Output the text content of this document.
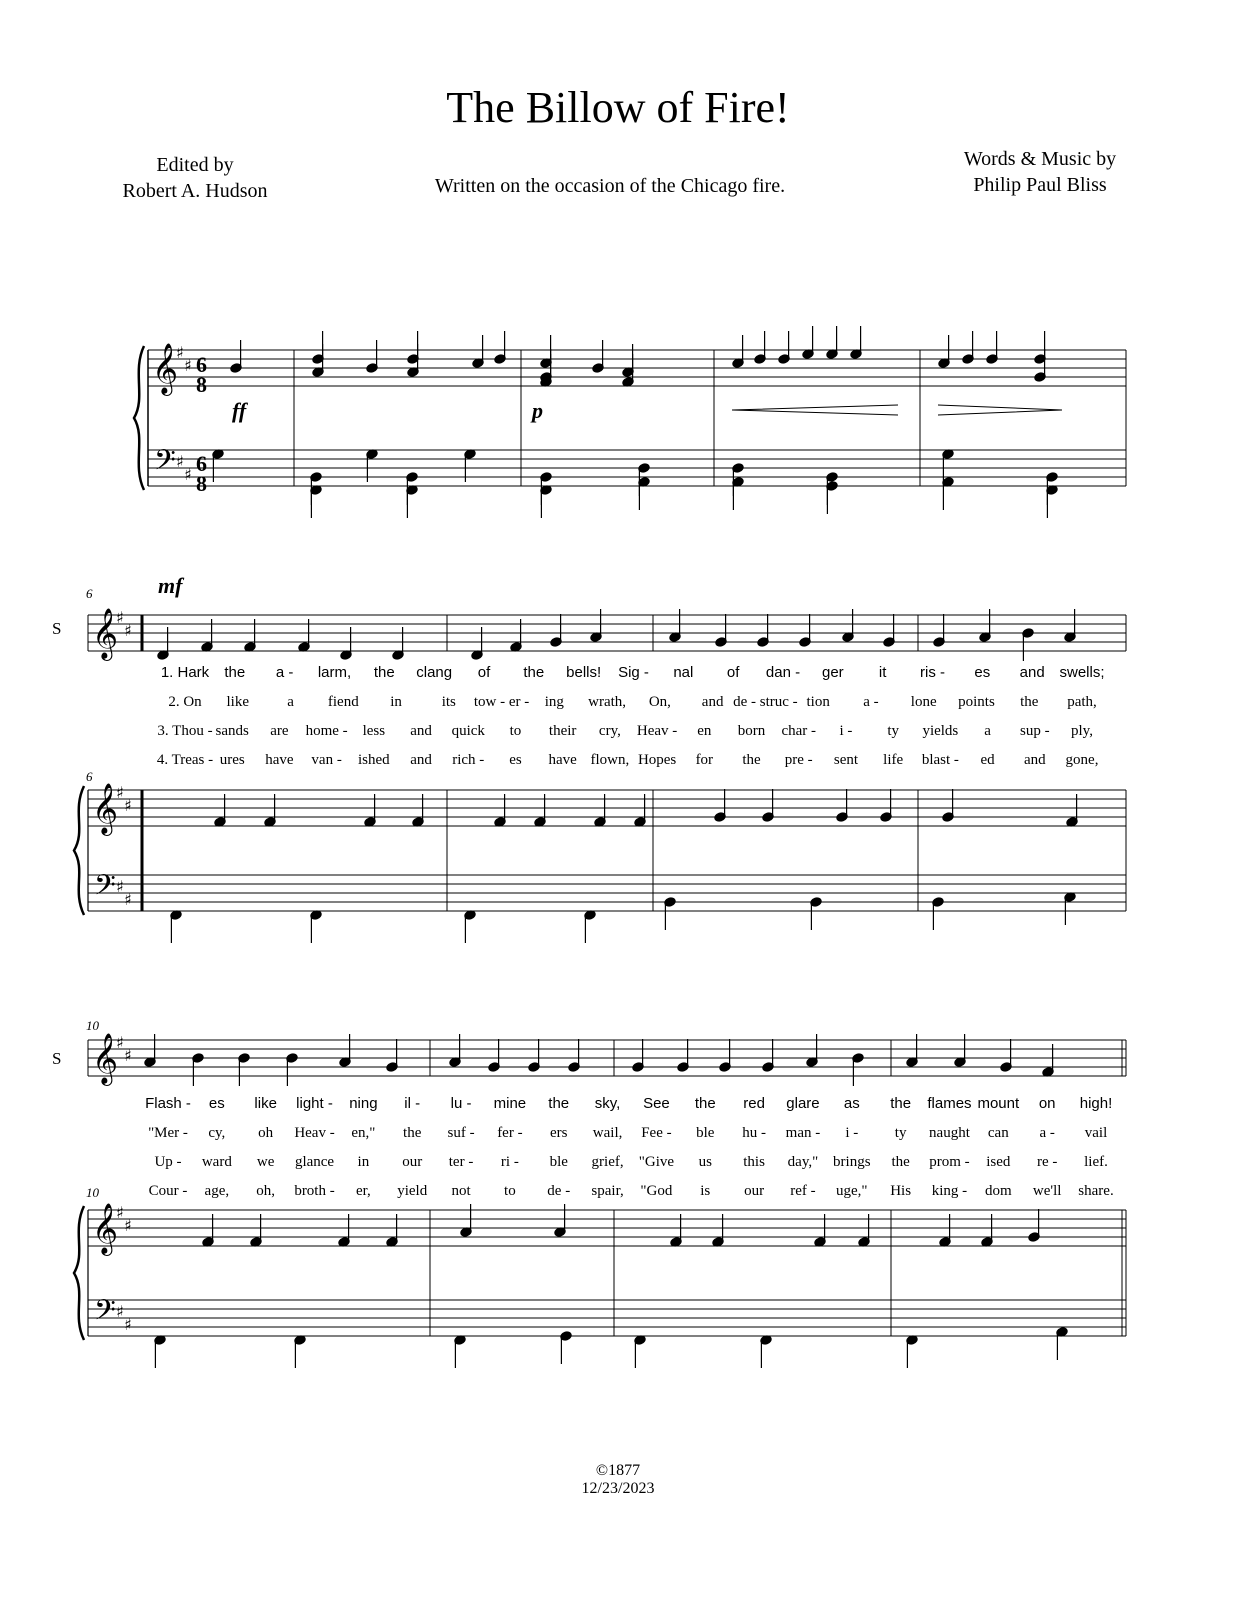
The Billow of Fire!
Edited by
Robert A. Hudson	Written on the occasion of the Chicago fire.
Words & Music by
Philip Paul Bliss
𝄞
𝄢
♯
♯
♯
♯
𝄞
𝄞
𝄢
♯
♯
♯
♯
♯
♯
𝄞
𝄞
𝄢
♯
♯
♯
♯
♯
♯
1. Hark the a - larm, the clang of the bells! Sig - nal of dan - ger it ris - es and swells;
2. On like	a fiend in	its tow - er - ing wrath, On, and de - struc - tion a - lone points the path,
3. Thou - sands are home - less and quick to their cry, Heav - en born char - i - ty yields a sup - ply,
4. Treas - ures have van - ished and rich - es have flown, Hopes for the pre - sent life blast - ed and gone,
Flash - es like light - ning il - lu - mine the sky, See the red glare as the flames mount on high!
"Mer - cy, oh Heav - en," the suf - fer - ers wail, Fee - ble hu - man - i - ty naught can a - vail
Up - ward we glance in our ter - ri - ble grief, "Give us this day," brings the prom - ised re - lief.
Cour - age, oh, broth - er, yield not to de - spair, "God is our ref - uge," His king - dom we'll share.
ff	p
mf
6
6
10
10
S
S
6
8
6
8
©1877
12/23/2023
